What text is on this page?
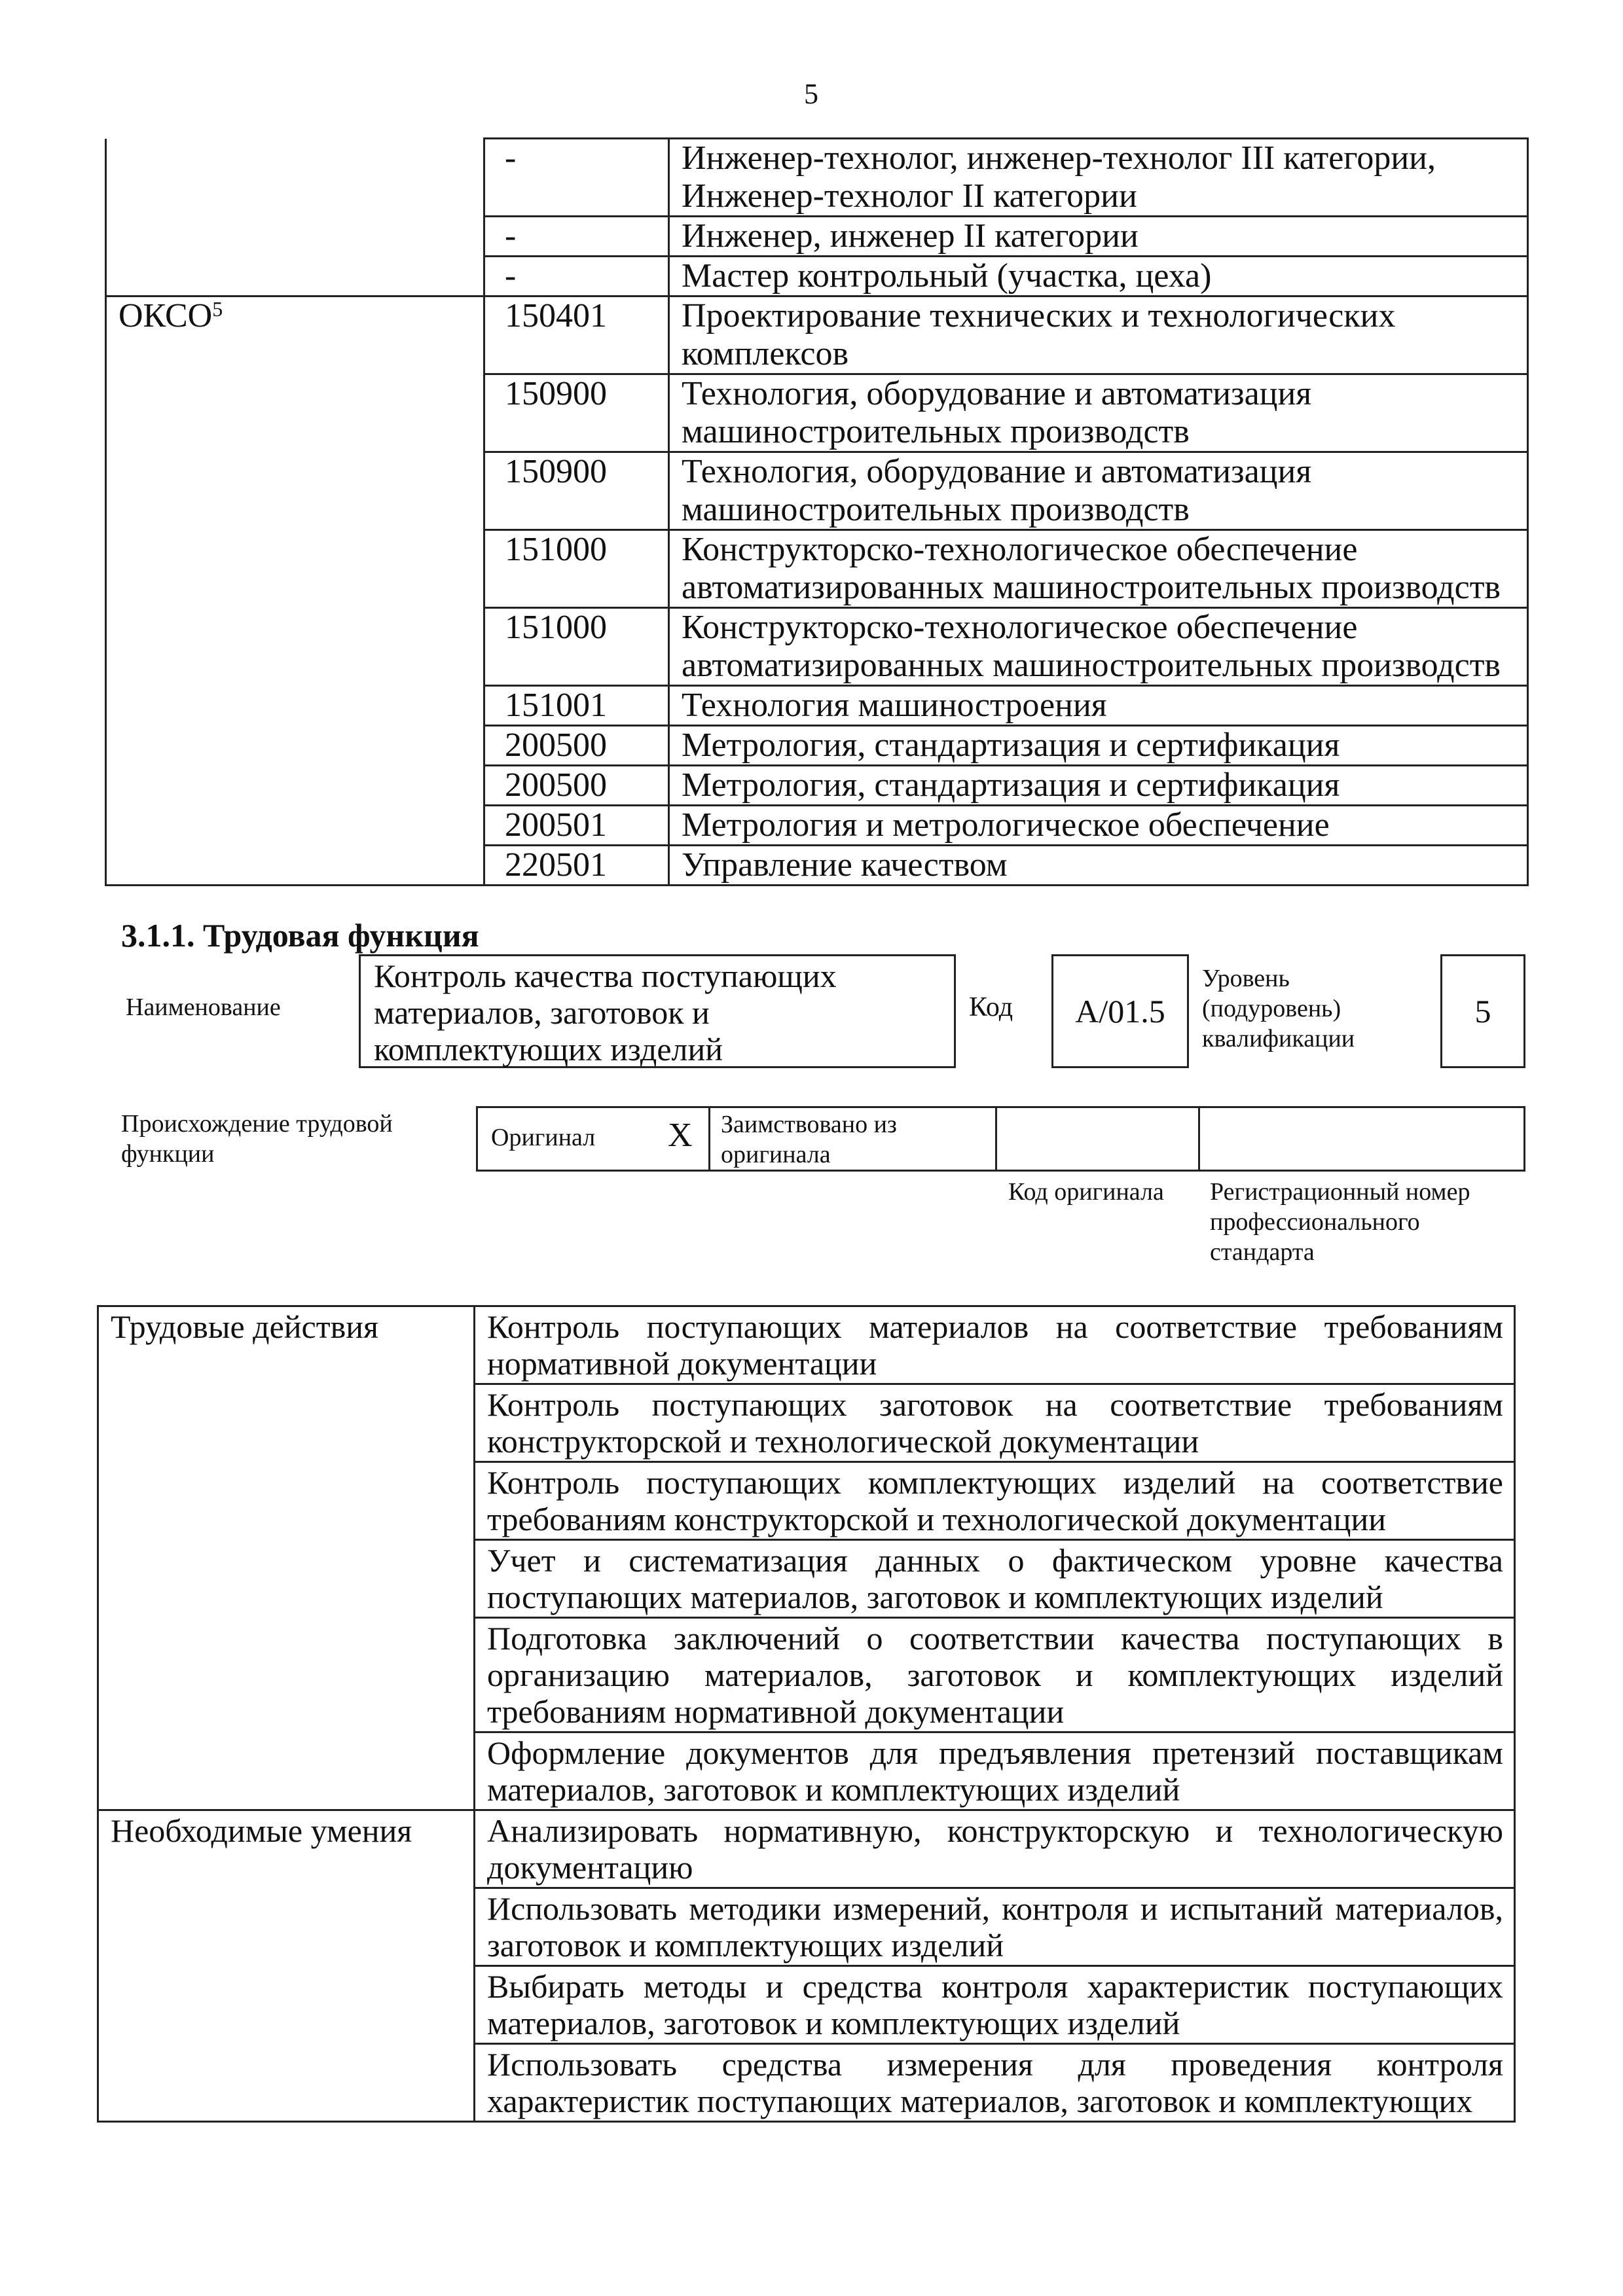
5
	-	Инженер-технолог, инженер-технолог III категории, Инженер-технолог II категории
	-	Инженер, инженер II категории
	-	Мастер контрольный (участка, цеха)
ОКСО$^5$	150401	Проектирование технических и технологических комплексов
	150900	Технология, оборудование и автоматизация машиностроительных производств
	150900	Технология, оборудование и автоматизация машиностроительных производств
	151000	Конструкторско-технологическое обеспечение автоматизированных машиностроительных производств
	151000	Конструкторско-технологическое обеспечение автоматизированных машиностроительных производств
	151001	Технология машиностроения
	200500	Метрология, стандартизация и сертификация
	200500	Метрология, стандартизация и сертификация
	200501	Метрология и метрологическое обеспечение
	220501	Управление качеством
3.1.1. Трудовая функция
Наименование
Контроль качества поступающих материалов, заготовок и комплектующих изделий
Код А/01.5
Уровень
(подуровень)
квалификации
5
Происхождение трудовой
функции
Оригинал X Заимствовано из
оригинала
Код оригинала Регистрационный номер
профессионального
стандарта
Трудовые действия	Контроль поступающих материалов на соответствие требованиям нормативной документации
	Контроль поступающих заготовок на соответствие требованиям конструкторской и технологической документации
	Контроль поступающих комплектующих изделий на соответствие требованиям конструкторской и технологической документации
	Учет и систематизация данных о фактическом уровне качества поступающих материалов, заготовок и комплектующих изделий
	Подготовка заключений о соответствии качества поступающих в организацию материалов, заготовок и комплектующих изделий требованиям нормативной документации
	Оформление документов для предъявления претензий поставщикам материалов, заготовок и комплектующих изделий
Необходимые умения	Анализировать нормативную, конструкторскую и технологическую документацию
	Использовать методики измерений, контроля и испытаний материалов, заготовок и комплектующих изделий
	Выбирать методы и средства контроля характеристик поступающих материалов, заготовок и комплектующих изделий
	Использовать средства измерения для проведения контроля характеристик поступающих материалов, заготовок и комплектующих
